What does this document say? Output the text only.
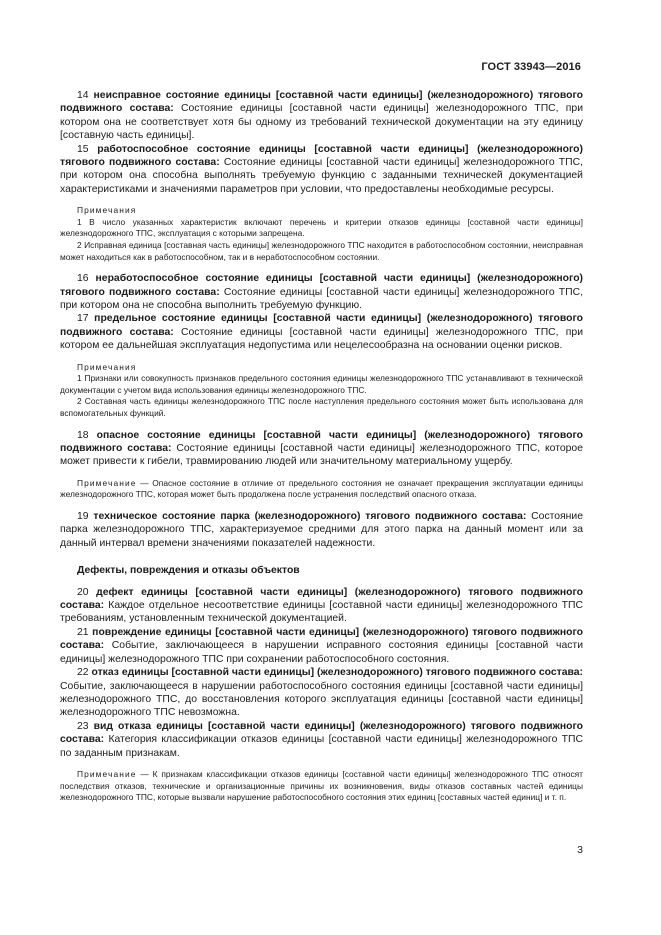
ГОСТ 33943—2016

14 неисправное состояние единицы [составной части единицы] (железнодорожного) тягового подвижного состава: Состояние единицы [составной части единицы] железнодорожного ТПС, при котором она не соответствует хотя бы одному из требований технической документации на эту единицу [составную часть единицы].

15 работоспособное состояние единицы [составной части единицы] (железнодорожного) тягового подвижного состава: Состояние единицы [составной части единицы] железнодорожного ТПС, при котором она способна выполнять требуемую функцию с заданными техническей документацией характеристиками и значениями параметров при условии, что предоставлены необходимые ресурсы.

Примечания

1 В число указанных характеристик включают перечень и критерии отказов единицы [составной части единицы] железнодорожного ТПС, эксплуатация с которыми запрещена.

2 Исправная единица [составная часть единицы] железнодорожного ТПС находится в работоспособном состоянии, неисправная может находиться как в работоспособном, так и в неработоспособном состоянии.

16 неработоспособное состояние единицы [составной части единицы] (железнодорожного) тягового подвижного состава: Состояние единицы [составной части единицы] железнодорожного ТПС, при котором она не способна выполнить требуемую функцию.

17 предельное состояние единицы [составной части единицы] (железнодорожного) тягового подвижного состава: Состояние единицы [составной части единицы] железнодорожного ТПС, при котором ее дальнейшая эксплуатация недопустима или нецелесообразна на основании оценки рисков.

Примечания

1 Признаки или совокупность признаков предельного состояния единицы железнодорожного ТПС устанавливают в технической документации с учетом вида использования единицы железнодорожного ТПС.

2 Составная часть единицы железнодорожного ТПС после наступления предельного состояния может быть использована для вспомогательных функций.

18 опасное состояние единицы [составной части единицы] (железнодорожного) тягового подвижного состава: Состояние единицы [составной части единицы] железнодорожного ТПС, которое может привести к гибели, травмированию людей или значительному материальному ущербу.

Примечание — Опасное состояние в отличие от предельного состояния не означает прекращения эксплуатации единицы железнодорожного ТПС, которая может быть продолжена после устранения последствий опасного отказа.

19 техническое состояние парка (железнодорожного) тягового подвижного состава: Состояние парка железнодорожного ТПС, характеризуемое средними для этого парка на данный момент или за данный интервал времени значениями показателей надежности.

Дефекты, повреждения и отказы объектов

20 дефект единицы [составной части единицы] (железнодорожного) тягового подвижного состава: Каждое отдельное несоответствие единицы [составной части единицы] железнодорожного ТПС требованиям, установленным технической документацией.

21 повреждение единицы [составной части единицы] (железнодорожного) тягового подвижного состава: Событие, заключающееся в нарушении исправного состояния единицы [составной части единицы] железнодорожного ТПС при сохранении работоспособного состояния.

22 отказ единицы [составной части единицы] (железнодорожного) тягового подвижного состава: Событие, заключающееся в нарушении работоспособного состояния единицы [составной части единицы] железнодорожного ТПС, до восстановления которого эксплуатация единицы [составной части единицы] железнодорожного ТПС невозможна.

23 вид отказа единицы [составной части единицы] (железнодорожного) тягового подвижного состава: Категория классификации отказов единицы [составной части единицы] железнодорожного ТПС по заданным признакам.

Примечание — К признакам классификации отказов единицы [составной части единицы] железнодорожного ТПС относят последствия отказов, технические и организационные причины их возникновения, виды отказов составных частей единицы железнодорожного ТПС, которые вызвали нарушение работоспособного состояния этих единиц [составных частей единиц] и т. п.

3
